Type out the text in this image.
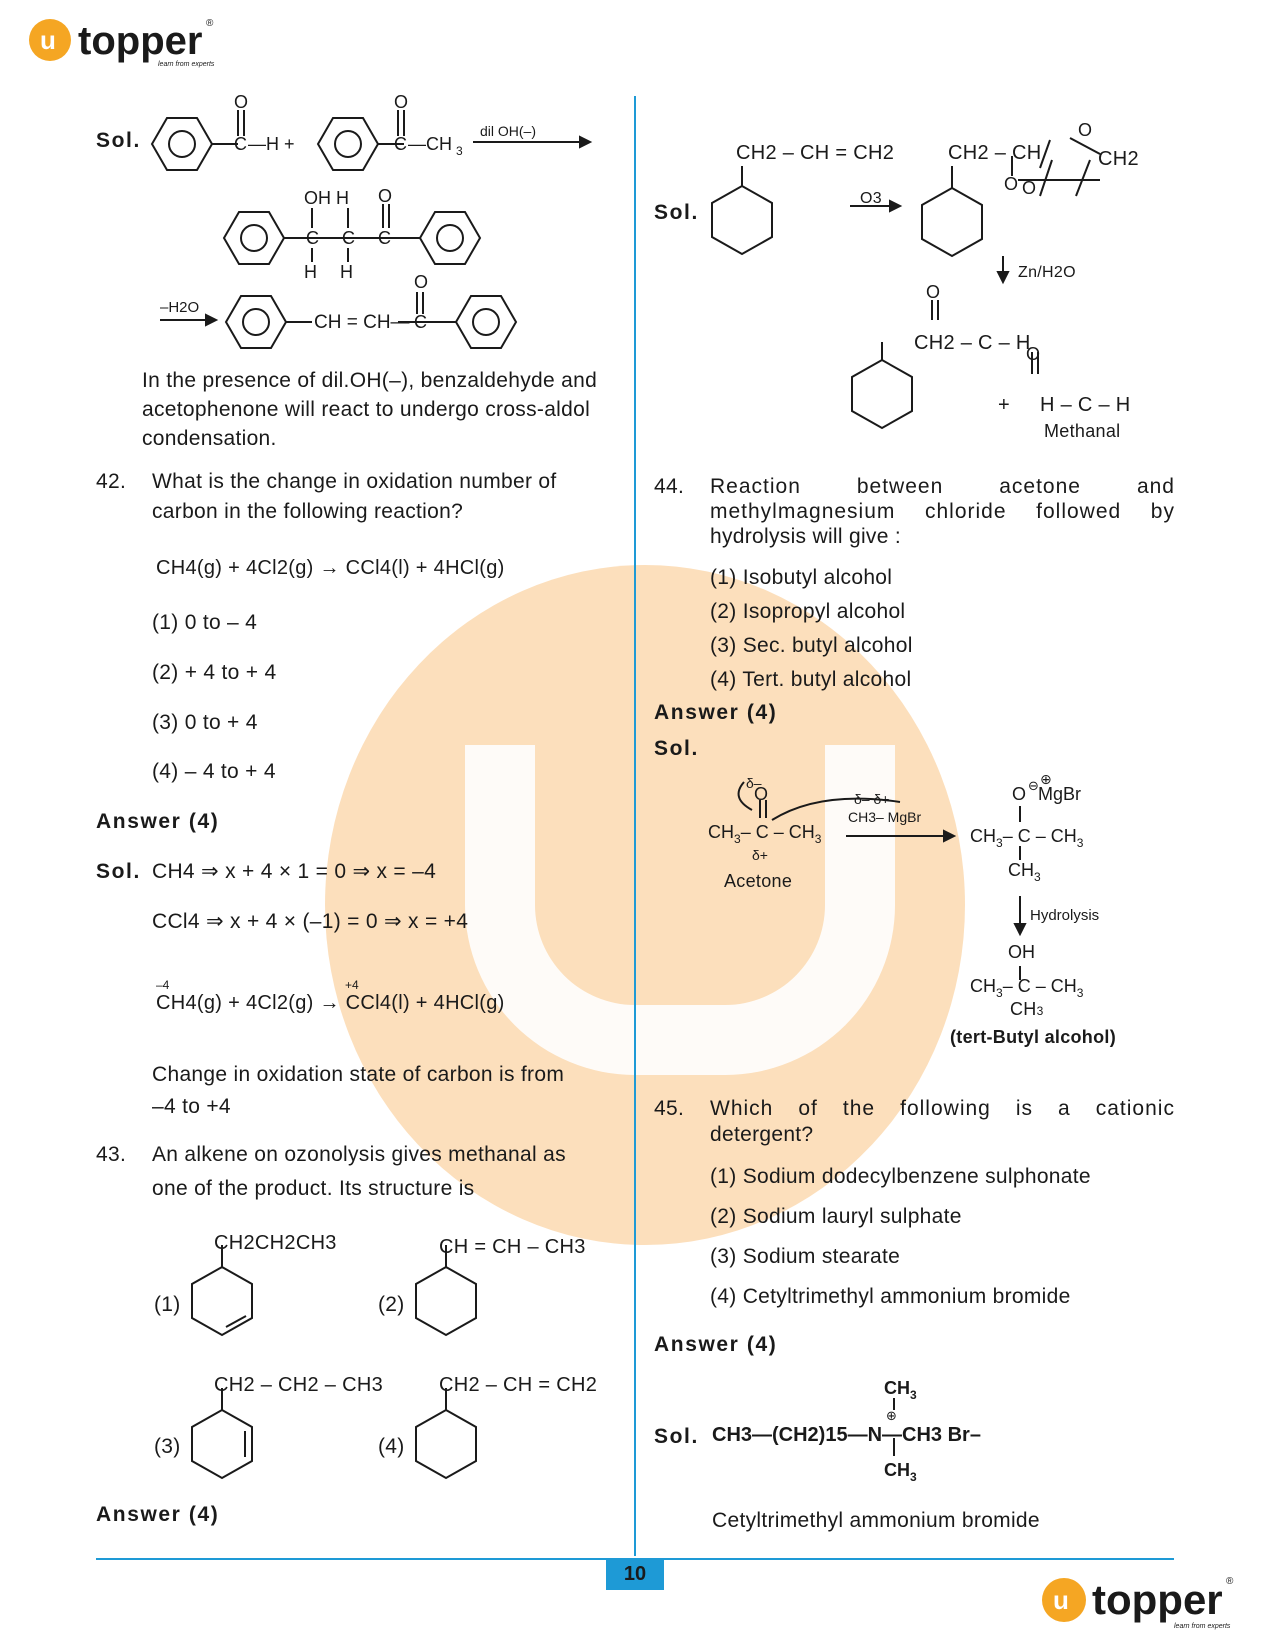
u topper ®
learn from experts
Sol.
O
C —H +
O
C —CH 3
dil OH(–)
OH H O
C C C
H H
–H2O
CH = CH—
O
C
In the presence of dil.OH(–), benzaldehyde and
acetophenone will react to undergo cross-aldol
condensation.
42. What is the change in oxidation number of
carbon in the following reaction?
CH4(g) + 4Cl2(g) → CCl4(l) + 4HCl(g)
(1) 0 to – 4
(2) + 4 to + 4
(3) 0 to + 4
(4) – 4 to + 4
Answer (4)
Sol. CH4 ⇒ x + 4 × 1 = 0 ⇒ x = –4
CCl4 ⇒ x + 4 × (–1) = 0 ⇒ x = +4
–4	+4
CH4(g) + 4Cl2(g) → CCl4(l) + 4HCl(g)
Change in oxidation state of carbon is from
–4 to +4
43. An alkene on ozonolysis gives methanal as
one of the product. Its structure is
CH2CH2CH3	CH = CH – CH3
CH2 – CH2 – CH3	CH2 – CH = CH2
(1)	(2)
(3)	(4)
Answer (4)
CH2 – CH = CH2
Sol.
CH2 – CH	CH2
O3
Zn/H2O
CH2 – C – H
+ H – C – H
Methanal
O
O
O
O
O
44. Reaction	between	acetone	and
methylmagnesium chloride followed by
hydrolysis will give :
(1) Isobutyl alcohol
(2) Isopropyl alcohol
(3) Sec. butyl alcohol
(4) Tert. butyl alcohol
Answer (4)
Sol.
δ–
O
$CH_3-$ C – $CH_3$
δ+
δ– δ+
CH3– MgBr
O ⊖ ⊕
MgBr
$CH_3-$ C – $CH_3$
$CH_3$
Hydrolysis
OH
$CH_3-$ C – $CH_3$
Acetone
CH3
(tert-Butyl alcohol)
45. Which of the following is a cationic
detergent?
(1) Sodium dodecylbenzene sulphonate
(2) Sodium lauryl sulphate
(3) Sodium stearate
(4) Cetyltrimethyl ammonium bromide
Answer (4)
Sol.
$CH_3$
⊕
$CH_3$
CH3—(CH2)15—N—CH3 Br–
Cetyltrimethyl ammonium bromide
10
u topper ®
learn from experts
